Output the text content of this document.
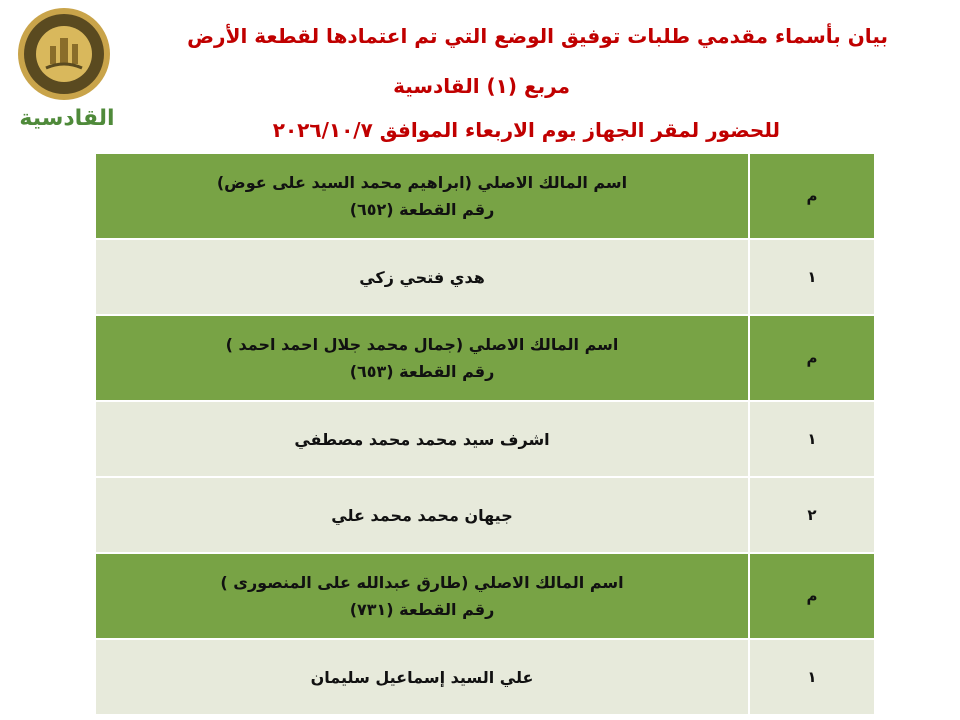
القادسية
بيان بأسماء مقدمي طلبات توفيق الوضع التي تم اعتمادها لقطعة الأرض
مربع (١) القادسية
للحضور لمقر الجهاز يوم الاربعاء الموافق ٢٠٢٦/١٠/٧
م
اسم المالك الاصلي (ابراهيم محمد السيد على عوض)
رقم القطعة (٦٥٢)
١
هدي فتحي زكي
م
اسم المالك الاصلي (جمال محمد جلال احمد احمد )
رقم القطعة (٦٥٣)
١
اشرف سيد محمد محمد مصطفي
٢
جيهان محمد محمد علي
م
اسم المالك الاصلي (طارق عبدالله على المنصورى )
رقم القطعة (٧٣١)
١
علي السيد إسماعيل سليمان
